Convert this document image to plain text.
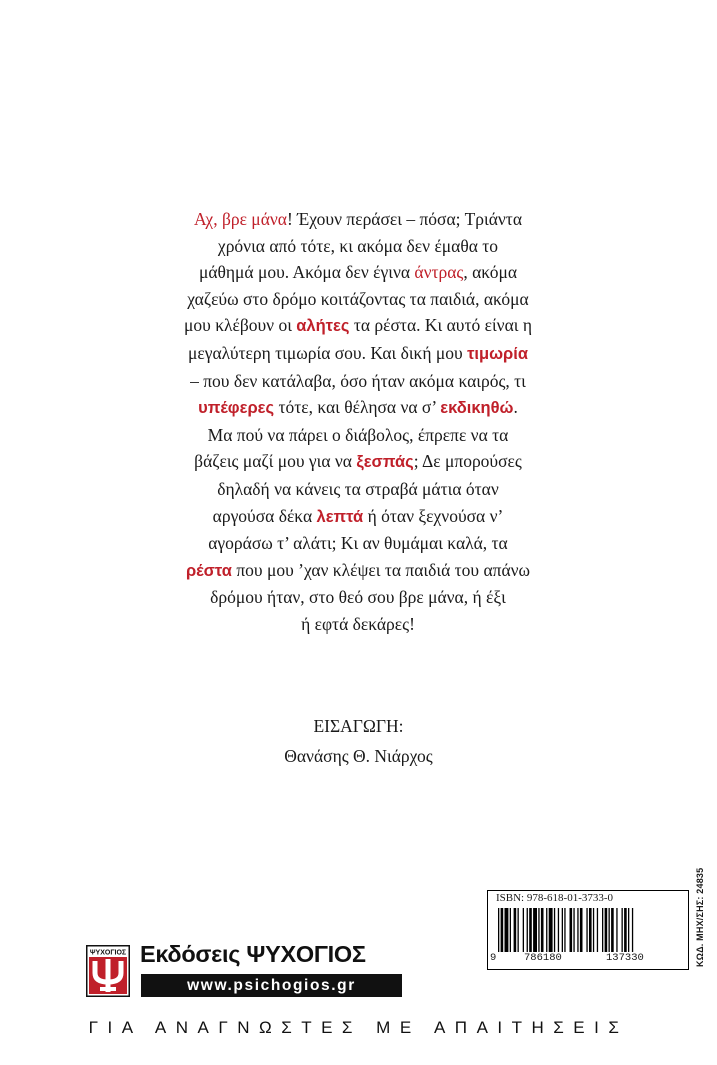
Αχ, βρε μάνα! Έχουν περάσει – πόσα; Τριάντα
χρόνια από τότε, κι ακόμα δεν έμαθα το
μάθημά μου. Ακόμα δεν έγινα άντρας, ακόμα
χαζεύω στο δρόμο κοιτάζοντας τα παιδιά, ακόμα
μου κλέβουν οι αλήτες τα ρέστα. Κι αυτό είναι η
μεγαλύτερη τιμωρία σου. Και δική μου τιμωρία
– που δεν κατάλαβα, όσο ήταν ακόμα καιρός, τι
υπέφερες τότε, και θέλησα να σ’ εκδικηθώ.
Μα πού να πάρει ο διάβολος, έπρεπε να τα
βάζεις μαζί μου για να ξεσπάς; Δε μπορούσες
δηλαδή να κάνεις τα στραβά μάτια όταν
αργούσα δέκα λεπτά ή όταν ξεχνούσα ν’
αγοράσω τ’ αλάτι; Κι αν θυμάμαι καλά, τα
ρέστα που μου ’χαν κλέψει τα παιδιά του απάνω
δρόμου ήταν, στο θεό σου βρε μάνα, ή έξι
ή εφτά δεκάρες!
ΕΙΣΑΓΩΓΗ:
Θανάσης Θ. Νιάρχος
ISBN: 978-618-01-3733-0
9	786180	137330	ΚΩΔ. ΜΗΧ/ΣΗΣ: 24835
ΨΥΧΟΓΙΟΣ Εκδόσεις ΨΥΧΟΓΙΟΣ
www.psichogios.gr
ΓΙΑ ΑΝΑΓΝΩΣΤΕΣ ΜΕ ΑΠΑΙΤΗΣΕΙΣ
